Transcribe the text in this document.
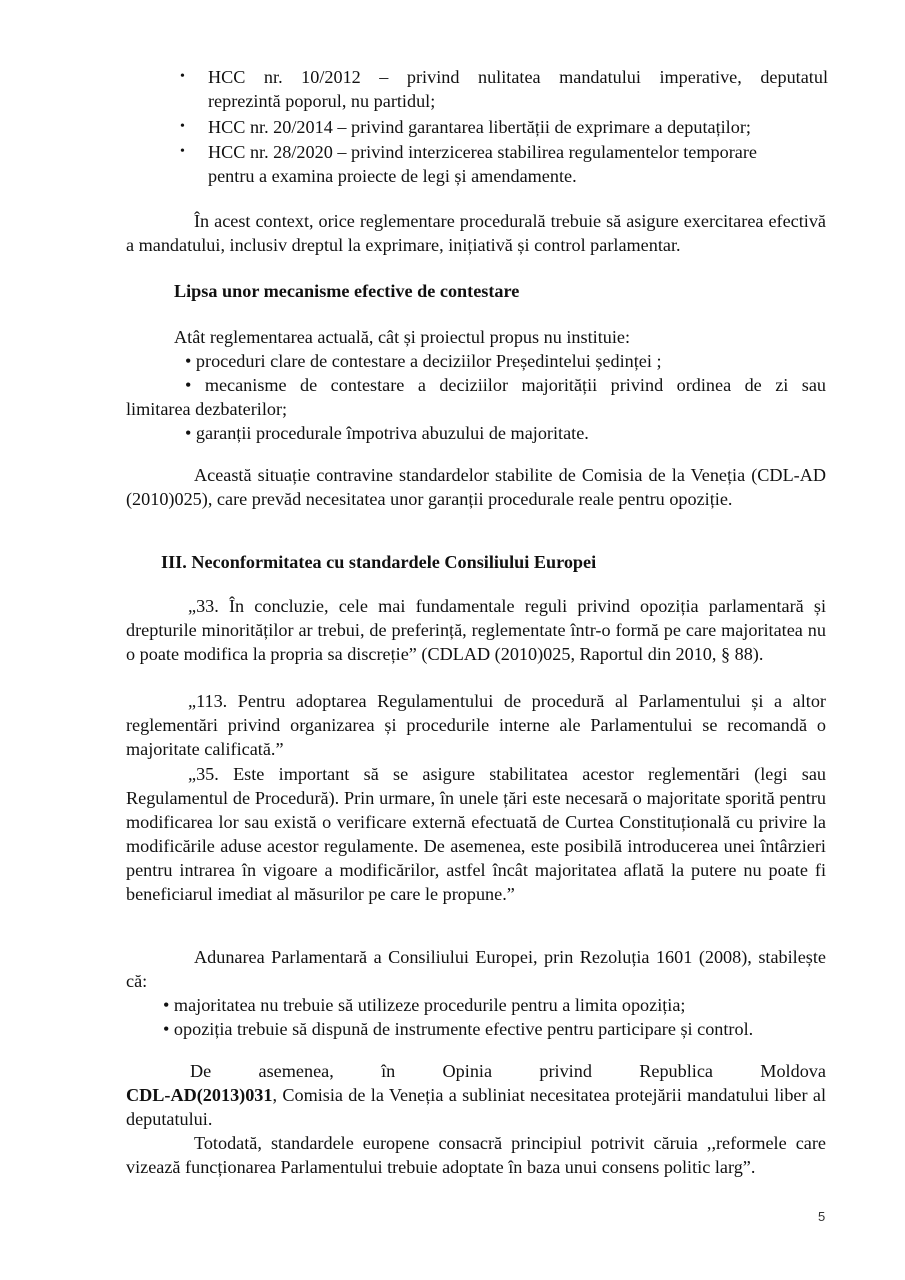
• HCC nr. 10/2012 – privind nulitatea mandatului imperative, deputatul
reprezintă poporul, nu partidul;
• HCC nr. 20/2014 – privind garantarea libertății de exprimare a deputaților;
• HCC nr. 28/2020 – privind interzicerea stabilirea regulamentelor temporare
pentru a examina proiecte de legi și amendamente.
În acest context, orice reglementare procedurală trebuie să asigure exercitarea efectivă a mandatului, inclusiv dreptul la exprimare, inițiativă și control parlamentar.
Lipsa unor mecanisme efective de contestare
Atât reglementarea actuală, cât și proiectul propus nu instituie:
• proceduri clare de contestare a deciziilor Președintelui ședinței ;
• mecanisme de contestare a deciziilor majorității privind ordinea de zi sau
limitarea dezbaterilor;
• garanții procedurale împotriva abuzului de majoritate.
Această situație contravine standardelor stabilite de Comisia de la Veneția (CDL-AD (2010)025), care prevăd necesitatea unor garanții procedurale reale pentru opoziție.
III. Neconformitatea cu standardele Consiliului Europei
„33. În concluzie, cele mai fundamentale reguli privind opoziția parlamentară și drepturile minorităților ar trebui, de preferință, reglementate într-o formă pe care majoritatea nu o poate modifica la propria sa discreție” (CDLAD (2010)025, Raportul din 2010, § 88).
„113. Pentru adoptarea Regulamentului de procedură al Parlamentului și a altor reglementări privind organizarea și procedurile interne ale Parlamentului se recomandă o majoritate calificată.”
„35. Este important să se asigure stabilitatea acestor reglementări (legi sau Regulamentul de Procedură). Prin urmare, în unele țări este necesară o majoritate sporită pentru modificarea lor sau există o verificare externă efectuată de Curtea Constituțională cu privire la modificările aduse acestor regulamente. De asemenea, este posibilă introducerea unei întârzieri pentru intrarea în vigoare a modificărilor, astfel încât majoritatea aflată la putere nu poate fi beneficiarul imediat al măsurilor pe care le propune.”
Adunarea Parlamentară a Consiliului Europei, prin Rezoluția 1601 (2008), stabilește că:
• majoritatea nu trebuie să utilizeze procedurile pentru a limita opoziția;
• opoziția trebuie să dispună de instrumente efective pentru participare și control.
De	asemenea,	în	Opinia	privind	Republica	Moldova
CDL-AD(2013)031, Comisia de la Veneția a subliniat necesitatea protejării mandatului liber al deputatului.
Totodată, standardele europene consacră principiul potrivit căruia ,,reformele care vizează funcționarea Parlamentului trebuie adoptate în baza unui consens politic larg”.
5
